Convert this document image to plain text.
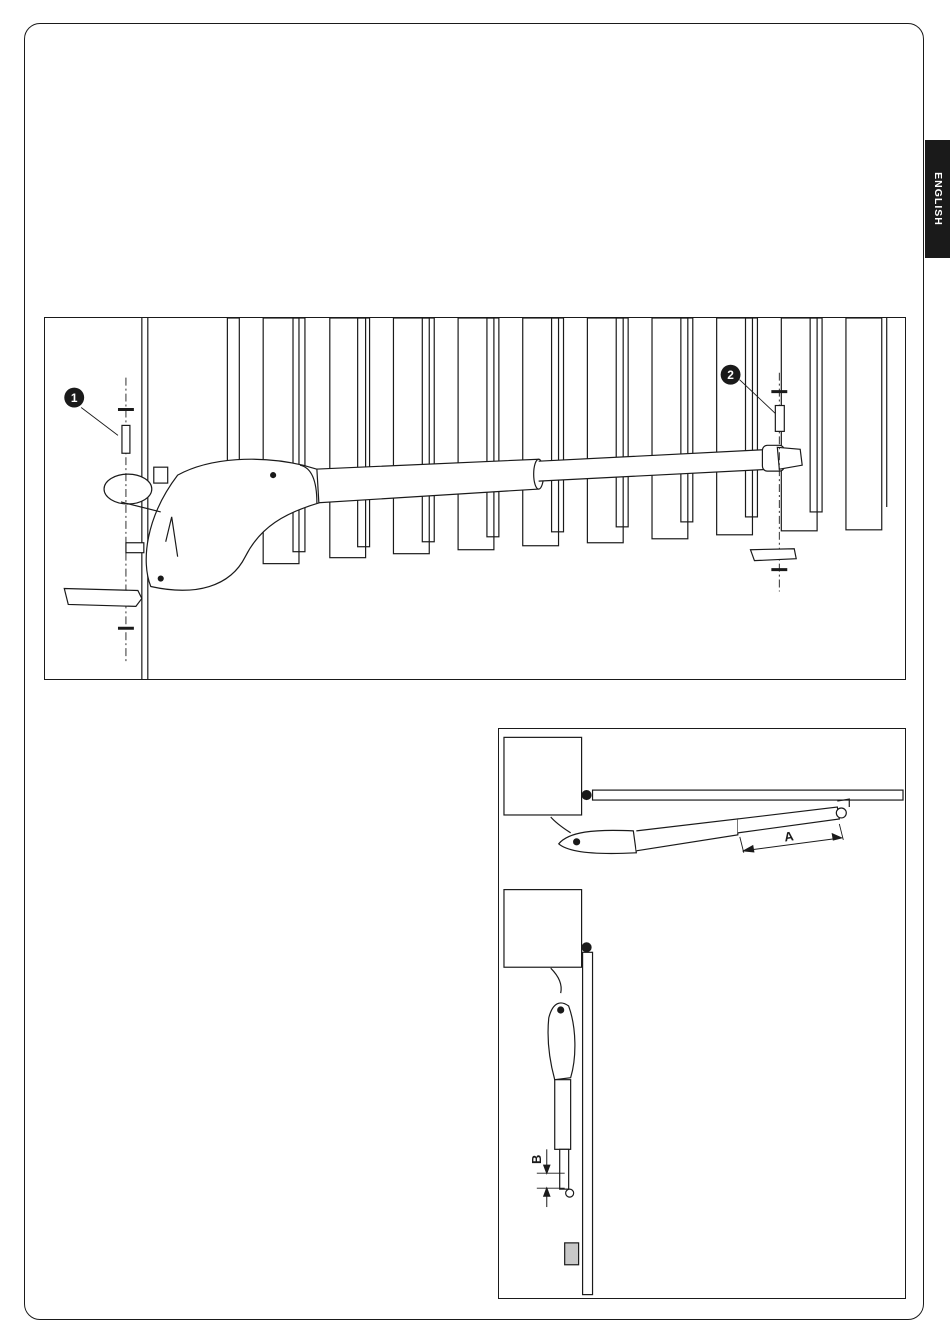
ENGLISH
1
2
A
B
